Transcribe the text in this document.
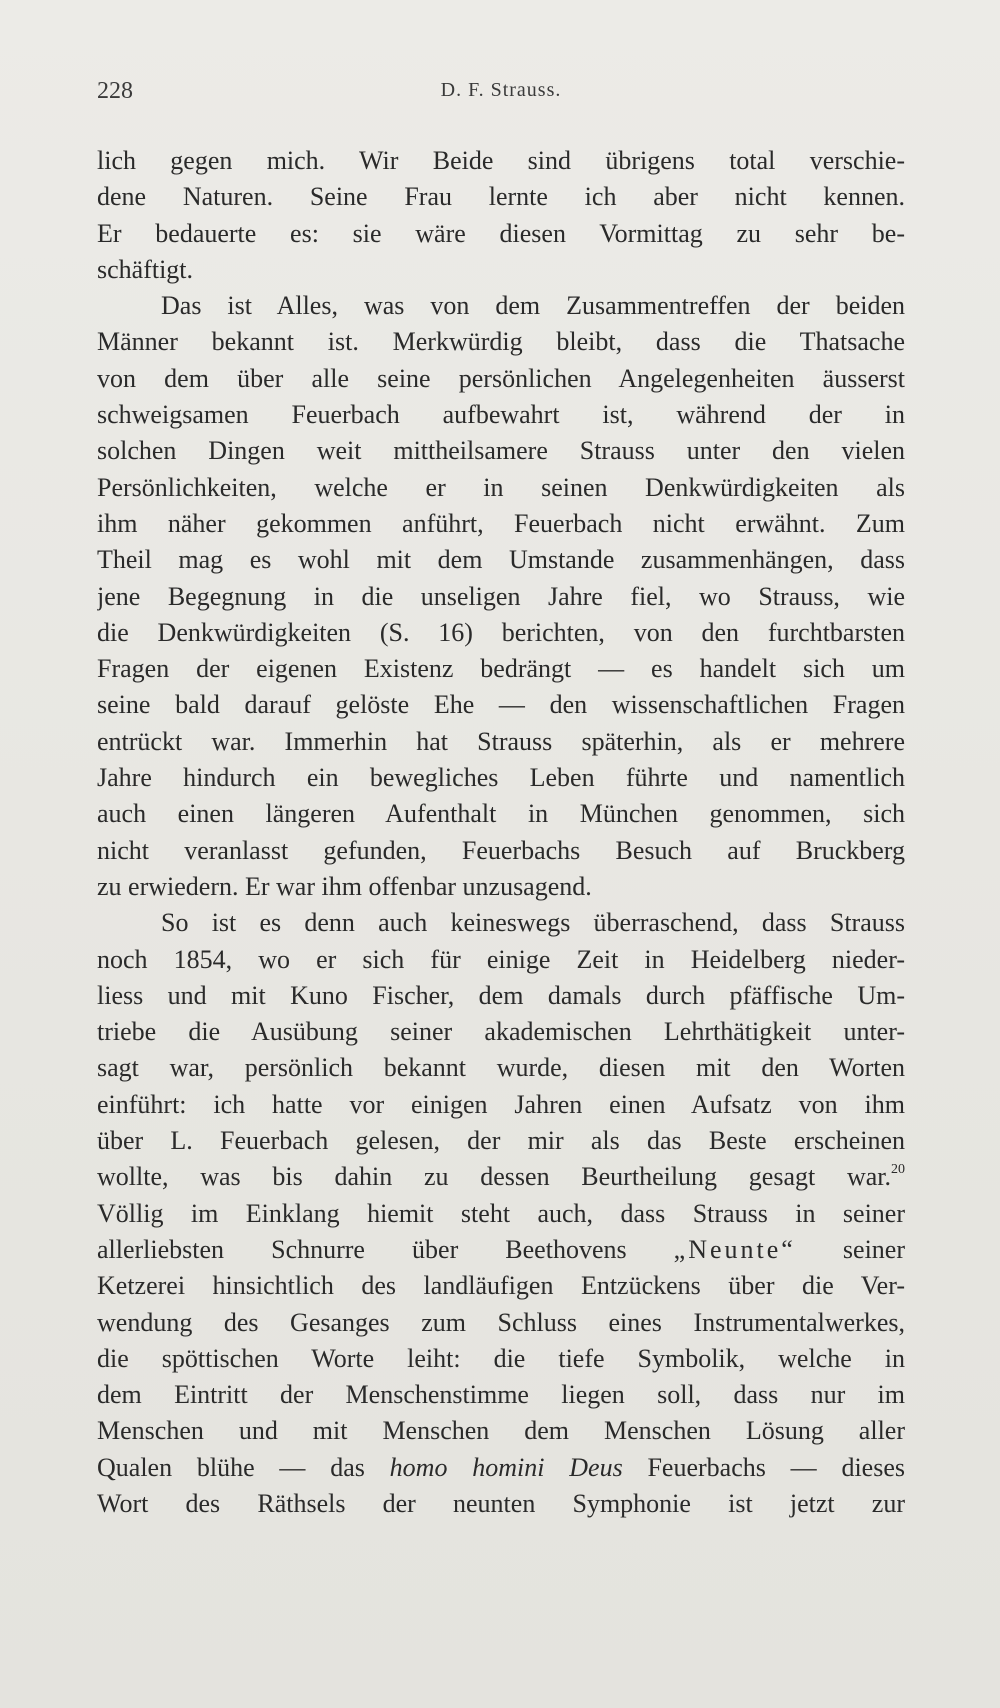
228	D. F. Strauss.
lich gegen mich. Wir Beide sind übrigens total verschie-
dene Naturen. Seine Frau lernte ich aber nicht kennen.
Er bedauerte es: sie wäre diesen Vormittag zu sehr be-
schäftigt.
Das ist Alles, was von dem Zusammentreffen der beiden
Männer bekannt ist. Merkwürdig bleibt, dass die Thatsache
von dem über alle seine persönlichen Angelegenheiten äusserst
schweigsamen Feuerbach aufbewahrt ist, während der in
solchen Dingen weit mittheilsamere Strauss unter den vielen
Persönlichkeiten, welche er in seinen Denkwürdigkeiten als
ihm näher gekommen anführt, Feuerbach nicht erwähnt. Zum
Theil mag es wohl mit dem Umstande zusammenhängen, dass
jene Begegnung in die unseligen Jahre fiel, wo Strauss, wie
die Denkwürdigkeiten (S. 16) berichten, von den furchtbarsten
Fragen der eigenen Existenz bedrängt — es handelt sich um
seine bald darauf gelöste Ehe — den wissenschaftlichen Fragen
entrückt war. Immerhin hat Strauss späterhin, als er mehrere
Jahre hindurch ein bewegliches Leben führte und namentlich
auch einen längeren Aufenthalt in München genommen, sich
nicht veranlasst gefunden, Feuerbachs Besuch auf Bruckberg
zu erwiedern. Er war ihm offenbar unzusagend.
So ist es denn auch keineswegs überraschend, dass Strauss
noch 1854, wo er sich für einige Zeit in Heidelberg nieder-
liess und mit Kuno Fischer, dem damals durch pfäffische Um-
triebe die Ausübung seiner akademischen Lehrthätigkeit unter-
sagt war, persönlich bekannt wurde, diesen mit den Worten
einführt: ich hatte vor einigen Jahren einen Aufsatz von ihm
über L. Feuerbach gelesen, der mir als das Beste erscheinen
wollte, was bis dahin zu dessen Beurtheilung gesagt war.$^{20}$
Völlig im Einklang hiemit steht auch, dass Strauss in seiner
allerliebsten Schnurre über Beethovens „Neunte“ seiner
Ketzerei hinsichtlich des landläufigen Entzückens über die Ver-
wendung des Gesanges zum Schluss eines Instrumentalwerkes,
die spöttischen Worte leiht: die tiefe Symbolik, welche in
dem Eintritt der Menschenstimme liegen soll, dass nur im
Menschen und mit Menschen dem Menschen Lösung aller
Qualen blühe — das homo homini Deus Feuerbachs — dieses
Wort des Räthsels der neunten Symphonie ist jetzt zur
